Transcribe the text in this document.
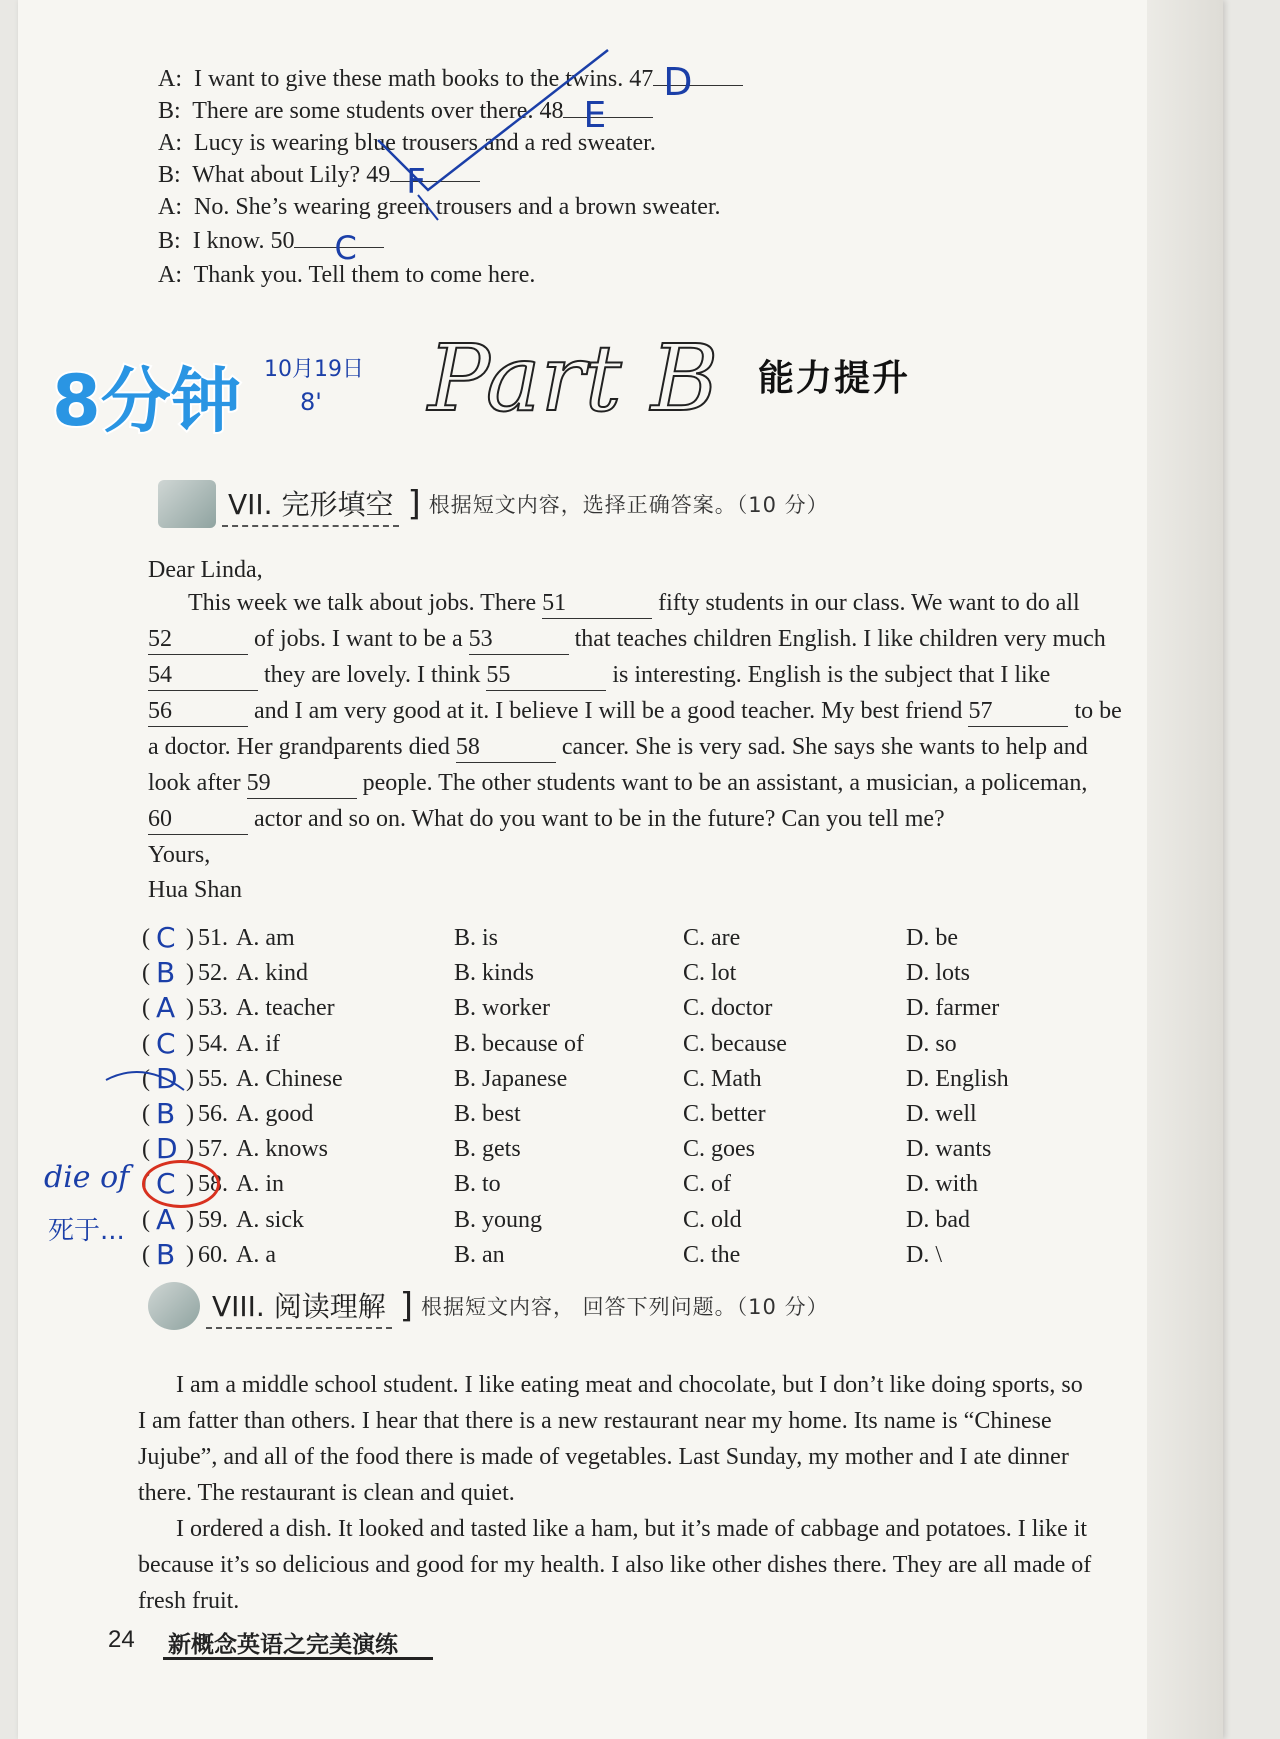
A: I want to give these math books to the twins. 47 D
B: There are some students over there. 48 E
A: Lucy is wearing blue trousers and a red sweater.
B: What about Lily? 49 F
A: No. She’s wearing green trousers and a brown sweater.
B: I know. 50 C
A: Thank you. Tell them to come here.
8分钟 10月19日
8' Part B 能力提升
VII. 完形填空 ] 根据短文内容，选择正确答案。（10 分）
Dear Linda,
This week we talk about jobs. There 51	fifty students in our class. We want to do all
52	of jobs. I want to be a 53	that teaches children English. I like children very much
54	they are lovely. I think 55	is interesting. English is the subject that I like
56	and I am very good at it. I believe I will be a good teacher. My best friend 57	to be
a doctor. Her grandparents died 58	cancer. She is very sad. She says she wants to help and
look after 59	people. The other students want to be an assistant, a musician, a policeman,
60	actor and so on. What do you want to be in the future? Can you tell me?
Yours,
Hua Shan
( C ) 51. A. am	B. is	C. are	D. be
( B ) 52. A. kind	B. kinds	C. lot	D. lots
( A ) 53. A. teacher	B. worker	C. doctor	D. farmer
( C ) 54. A. if	B. because of	C. because	D. so
( D ) 55. A. Chinese	B. Japanese	C. Math	D. English
( B ) 56. A. good	B. best	C. better	D. well
( D ) 57. A. knows	B. gets	C. goes	D. wants
( C ) 58. A. in	B. to	C. of	D. with
( A ) 59. A. sick	B. young	C. old	D. bad
( B ) 60. A. a	B. an	C. the	D. \
die of
死于...
VIII. 阅读理解 ] 根据短文内容， 回答下列问题。（10 分）
I am a middle school student. I like eating meat and chocolate, but I don’t like doing sports, so
I am fatter than others. I hear that there is a new restaurant near my home. Its name is “Chinese
Jujube”, and all of the food there is made of vegetables. Last Sunday, my mother and I ate dinner
there. The restaurant is clean and quiet.
I ordered a dish. It looked and tasted like a ham, but it’s made of cabbage and potatoes. I like it
because it’s so delicious and good for my health. I also like other dishes there. They are all made of
fresh fruit.
24 新概念英语之完美演练
